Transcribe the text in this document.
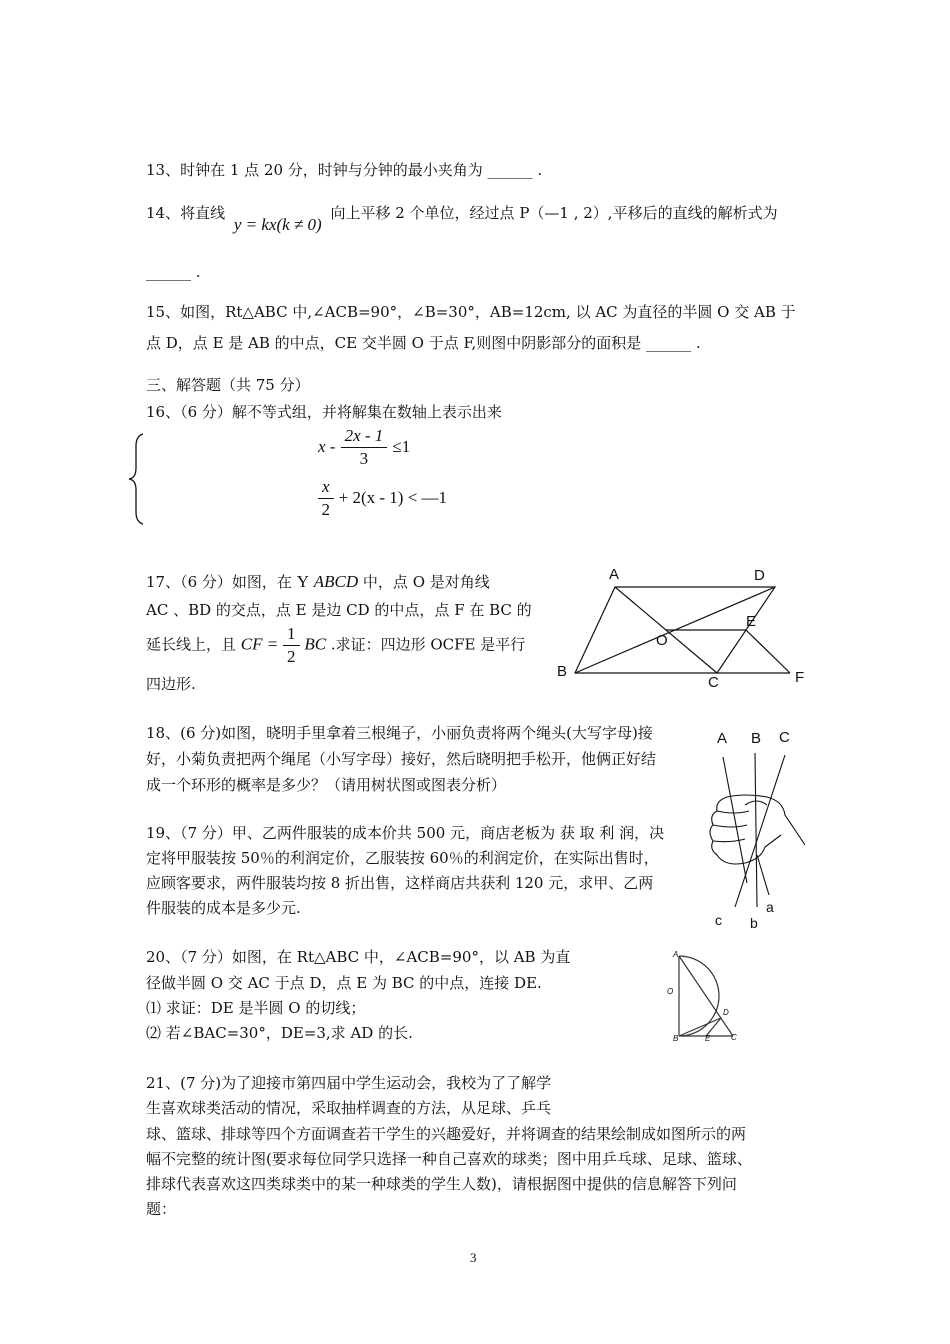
13、时钟在 1 点 20 分，时钟与分钟的最小夹角为 ______ .
14、将直线 y = kx(k ≠ 0) 向上平移 2 个单位，经过点 P（—1 , 2）,平移后的直线的解析式为
______ .
15、如图，Rt△ABC 中,∠ACB=90°，∠B=30°，AB=12cm, 以 AC 为直径的半圆 O 交 AB 于
点 D，点 E 是 AB 的中点，CE 交半圆 O 于点 F,则图中阴影部分的面积是 ______ .
三、解答题（共 75 分）
16、（6 分）解不等式组，并将解集在数轴上表示出来
$x - \frac{2x - 1}{3} \le 1$
$\frac{x}{2} + 2(x - 1)$ < —1
17、（6 分）如图，在 Y ABCD 中，点 O 是对角线
AC 、BD 的交点，点 E 是边 CD 的中点，点 F 在 BC 的
延长线上，且 CF = $\frac{1}{2}$ BC .求证：四边形 OCFE 是平行
四边形.
A	D
E
O
B
C	F
18、(6 分)如图，晓明手里拿着三根绳子，小丽负责将两个绳头(大写字母)接
好，小菊负责把两个绳尾（小写字母）接好，然后晓明把手松开，他俩正好结
成一个环形的概率是多少？（请用树状图或图表分析）
A B C
a
b
c
19、（7 分）甲、乙两件服装的成本价共 500 元，商店老板为 获 取 利 润，决
定将甲服装按 50％的利润定价，乙服装按 60％的利润定价，在实际出售时，
应顾客要求，两件服装均按 8 折出售，这样商店共获利 120 元，求甲、乙两
件服装的成本是多少元.
20、（7 分）如图，在 Rt△ABC 中，∠ACB=90°，以 AB 为直
径做半圆 O 交 AC 于点 D，点 E 为 BC 的中点，连接 DE.
⑴ 求证：DE 是半圆 O 的切线；
⑵ 若∠BAC=30°，DE=3,求 AD 的长.
A
O
D
B	E	C
21、(7 分)为了迎接市第四届中学生运动会，我校为了了解学
生喜欢球类活动的情况，采取抽样调查的方法，从足球、乒乓
球、篮球、排球等四个方面调查若干学生的兴趣爱好，并将调查的结果绘制成如图所示的两
幅不完整的统计图(要求每位同学只选择一种自己喜欢的球类；图中用乒乓球、足球、篮球、
排球代表喜欢这四类球类中的某一种球类的学生人数)，请根据图中提供的信息解答下列问
题：
3
